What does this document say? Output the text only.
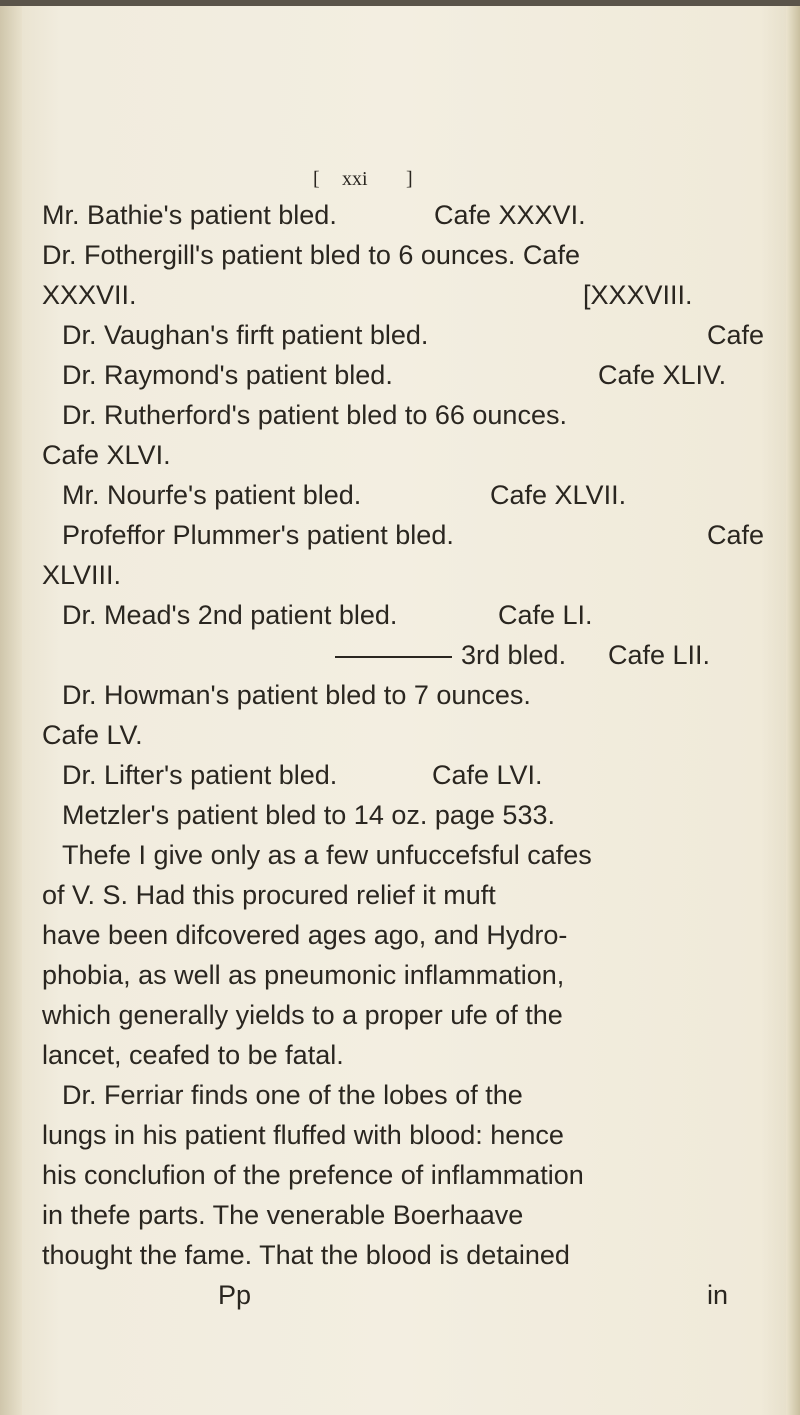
[ xxi ]
Mr. Bathie's patient bled.	Cafe XXXVI.
Dr. Fothergill's patient bled to 6 ounces. Cafe
XXXVII.	[XXXVIII.
Dr. Vaughan's firft patient bled.	Cafe
Dr. Raymond's patient bled.	Cafe XLIV.
Dr. Rutherford's patient bled to 66 ounces.
Cafe XLVI.
Mr. Nourfe's patient bled.	Cafe XLVII.
Profeffor Plummer's patient bled.	Cafe
XLVIII.
Dr. Mead's 2nd patient bled.	Cafe LI.
3rd bled. Cafe LII.
Dr. Howman's patient bled to 7 ounces.
Cafe LV.
Dr. Lifter's patient bled.	Cafe LVI.
Metzler's patient bled to 14 oz. page 533.
Thefe I give only as a few unfuccefsful cafes
of V. S. Had this procured relief it muft
have been difcovered ages ago, and Hydro-
phobia, as well as pneumonic inflammation,
which generally yields to a proper ufe of the
lancet, ceafed to be fatal.
Dr. Ferriar finds one of the lobes of the
lungs in his patient fluffed with blood: hence
his conclufion of the prefence of inflammation
in thefe parts. The venerable Boerhaave
thought the fame. That the blood is detained
Pp	in
